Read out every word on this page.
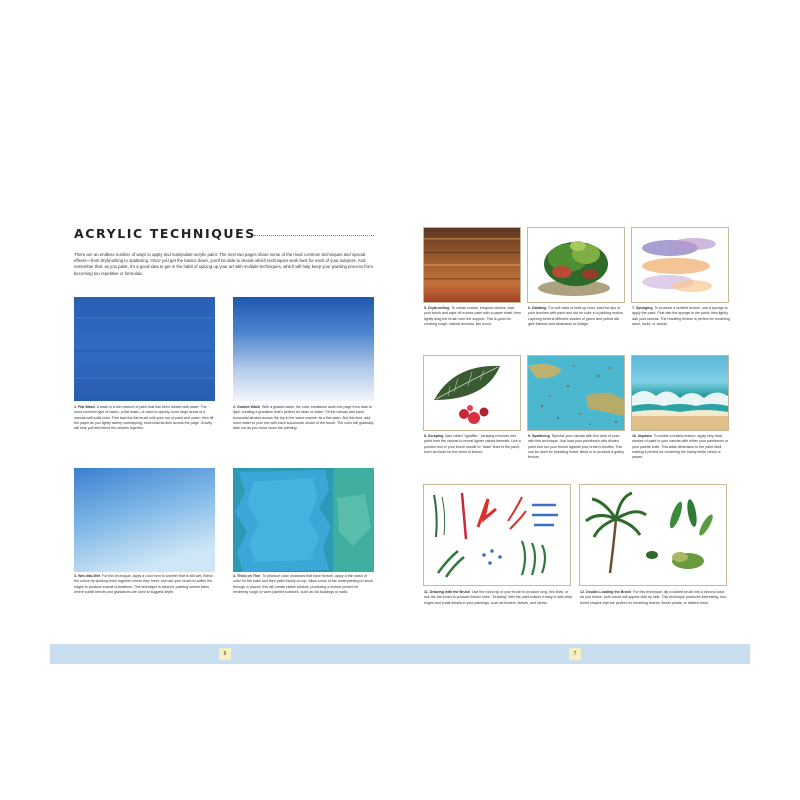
ACRYLIC TECHNIQUES
There are an endless number of ways to apply and manipulate acrylic paint. The next two pages share some of the most common techniques and special effects—from drybrushing to spattering. Once you get the basics down, you'll be able to decide which techniques work best for each of your subjects. And remember that, as you paint, it's a good idea to get in the habit of spicing up your art with multiple techniques, which will help keep your painting process from becoming too repetitive or formulaic.
1. Flat Wash A wash is a thin mixture of paint that has been diluted with water. The most common type of wash—a flat wash—is used to quickly cover large areas of a canvas with solid color. First load the flat brush with your mix of paint and water; then tilt the paper as you lightly sweep overlapping, horizontal strokes across the page. Gravity will help pull and blend the strokes together.
2. Graded Wash With a graded wash, the color transitions down the page from dark to light, creating a gradation that's perfect for skies or water. Tilt the canvas and paint horizontal strokes across the top in the same manner as a flat wash. But this time, add more water to your mix with each successive stroke of the brush. The color will gradually fade out as you move down the painting.
3. Wet-into-Wet For this technique, apply a color next to another that is still wet. Blend the colors by stroking them together where they meet, and use your brush to soften the edges to produce smooth transitions. This technique is ideal for painting sunset skies, where subtle blends and gradations are used to suggest depth.
4. Thick on Thin To produce color variances that have texture, apply a thin wash of color for the base and then paint thickly on top. Allow some of the underpainting to show through in places; this will create visible strokes, producing a texture perfect for rendering rough or worn painted surfaces, such as old buildings or walls.
5. Drybrushing To create coarse, irregular strokes, load your brush and wipe off excess paint with a paper towel; then lightly drag the brush over the support. This is good for creating rough, natural textures, like wood.
6. Dabbing For soft dabs of built-up color, load the tips of your brushes with paint and dot on color in a jabbing motion. Layering several different shades of green and yellow will give fullness and dimension to foliage.
7. Sponging To produce a mottled texture, use a sponge to apply the paint. First dab the sponge in the paint; then lightly dab your canvas. The resulting texture is perfect for rendering sand, rocks, or clouds.
8. Scraping Also called "sgraffito," scraping removes wet paint from the canvas to reveal lighter values beneath. Use a pointed tool or your brush handle to "draw" lines in the paint, such as those for the veins of leaves.
9. Spattering Speckle your canvas with fine dots of color with this technique. Just load your paintbrush with diluted paint and run your thumb against your brush's bristles. This can be used for depicting flower fields or to produce a grainy texture.
10. Impasto To create a buttery texture, apply very thick strokes of paint to your canvas with either your paintbrush or your palette knife. This adds dimension to the paint itself, making it perfect for rendering the foamy white crests of waves.
11. Drawing with the Brush Use the round tip of your brush to produce long, thin lines, or use the flat brush to produce thicker lines. "Drawing" with the paint makes it easy to add crisp edges and small details to your paintings, such as flowers, leaves, and stems.
12. Double-Loading the Brush For this technique, dip a loaded brush into a second color. As you stroke, both colors will appear side by side. This technique produces interesting, two-toned shapes that are perfect for rendering leaves, flower petals, or distinct trees.
6	7
